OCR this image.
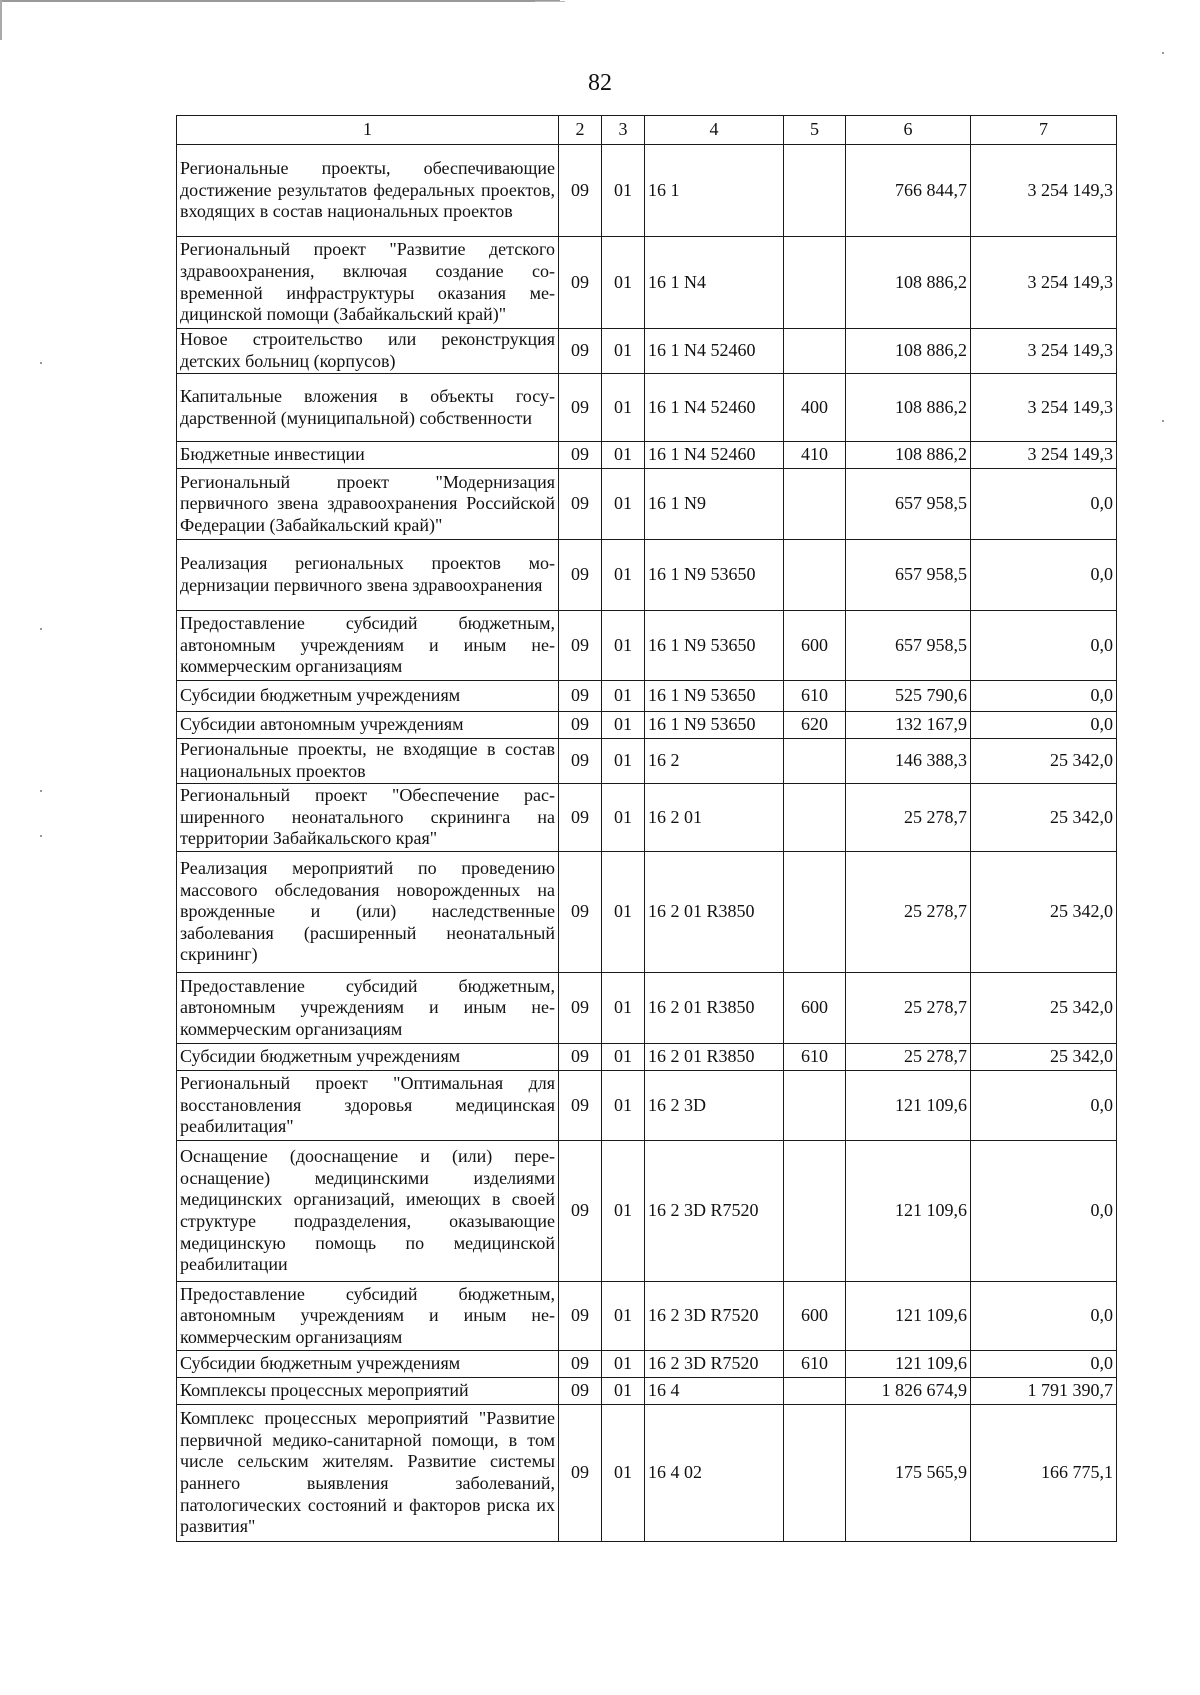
82
1	2	3	4	5	6	7
Региональные проекты, обеспечивающие достижение результатов федеральных проектов, входящих в состав национальных проектов	09	01	16 1		766 844,7	3 254 149,3
Региональный проект "Развитие детского здравоохранения, включая создание современной инфраструктуры оказания медицинской помощи (Забайкальский край)"	09	01	16 1 N4		108 886,2	3 254 149,3
Новое строительство или реконструкция детских больниц (корпусов)	09	01	16 1 N4 52460		108 886,2	3 254 149,3
Капитальные вложения в объекты государственной (муниципальной) собственности	09	01	16 1 N4 52460	400	108 886,2	3 254 149,3
Бюджетные инвестиции	09	01	16 1 N4 52460	410	108 886,2	3 254 149,3
Региональный проект "Модернизация первичного звена здравоохранения Российской Федерации (Забайкальский край)"	09	01	16 1 N9		657 958,5	0,0
Реализация региональных проектов модернизации первичного звена здравоохранения	09	01	16 1 N9 53650		657 958,5	0,0
Предоставление субсидий бюджетным, автономным учреждениям и иным некоммерческим организациям	09	01	16 1 N9 53650	600	657 958,5	0,0
Субсидии бюджетным учреждениям	09	01	16 1 N9 53650	610	525 790,6	0,0
Субсидии автономным учреждениям	09	01	16 1 N9 53650	620	132 167,9	0,0
Региональные проекты, не входящие в состав национальных проектов	09	01	16 2		146 388,3	25 342,0
Региональный проект "Обеспечение расширенного неонатального скрининга на территории Забайкальского края"	09	01	16 2 01		25 278,7	25 342,0
Реализация мероприятий по проведению массового обследования новорожденных на врожденные и (или) наследственные заболевания (расширенный неонатальный скрининг)	09	01	16 2 01 R3850		25 278,7	25 342,0
Предоставление субсидий бюджетным, автономным учреждениям и иным некоммерческим организациям	09	01	16 2 01 R3850	600	25 278,7	25 342,0
Субсидии бюджетным учреждениям	09	01	16 2 01 R3850	610	25 278,7	25 342,0
Региональный проект "Оптимальная для восстановления здоровья медицинская реабилитация"	09	01	16 2 3D		121 109,6	0,0
Оснащение (дооснащение и (или) переоснащение) медицинскими изделиями медицинских организаций, имеющих в своей структуре подразделения, оказывающие медицинскую помощь по медицинской реабилитации	09	01	16 2 3D R7520		121 109,6	0,0
Предоставление субсидий бюджетным, автономным учреждениям и иным некоммерческим организациям	09	01	16 2 3D R7520	600	121 109,6	0,0
Субсидии бюджетным учреждениям	09	01	16 2 3D R7520	610	121 109,6	0,0
Комплексы процессных мероприятий	09	01	16 4		1 826 674,9	1 791 390,7
Комплекс процессных мероприятий "Развитие первичной медико-санитарной помощи, в том числе сельским жителям. Развитие системы раннего выявления заболеваний, патологических состояний и факторов риска их развития"	09	01	16 4 02		175 565,9	166 775,1
